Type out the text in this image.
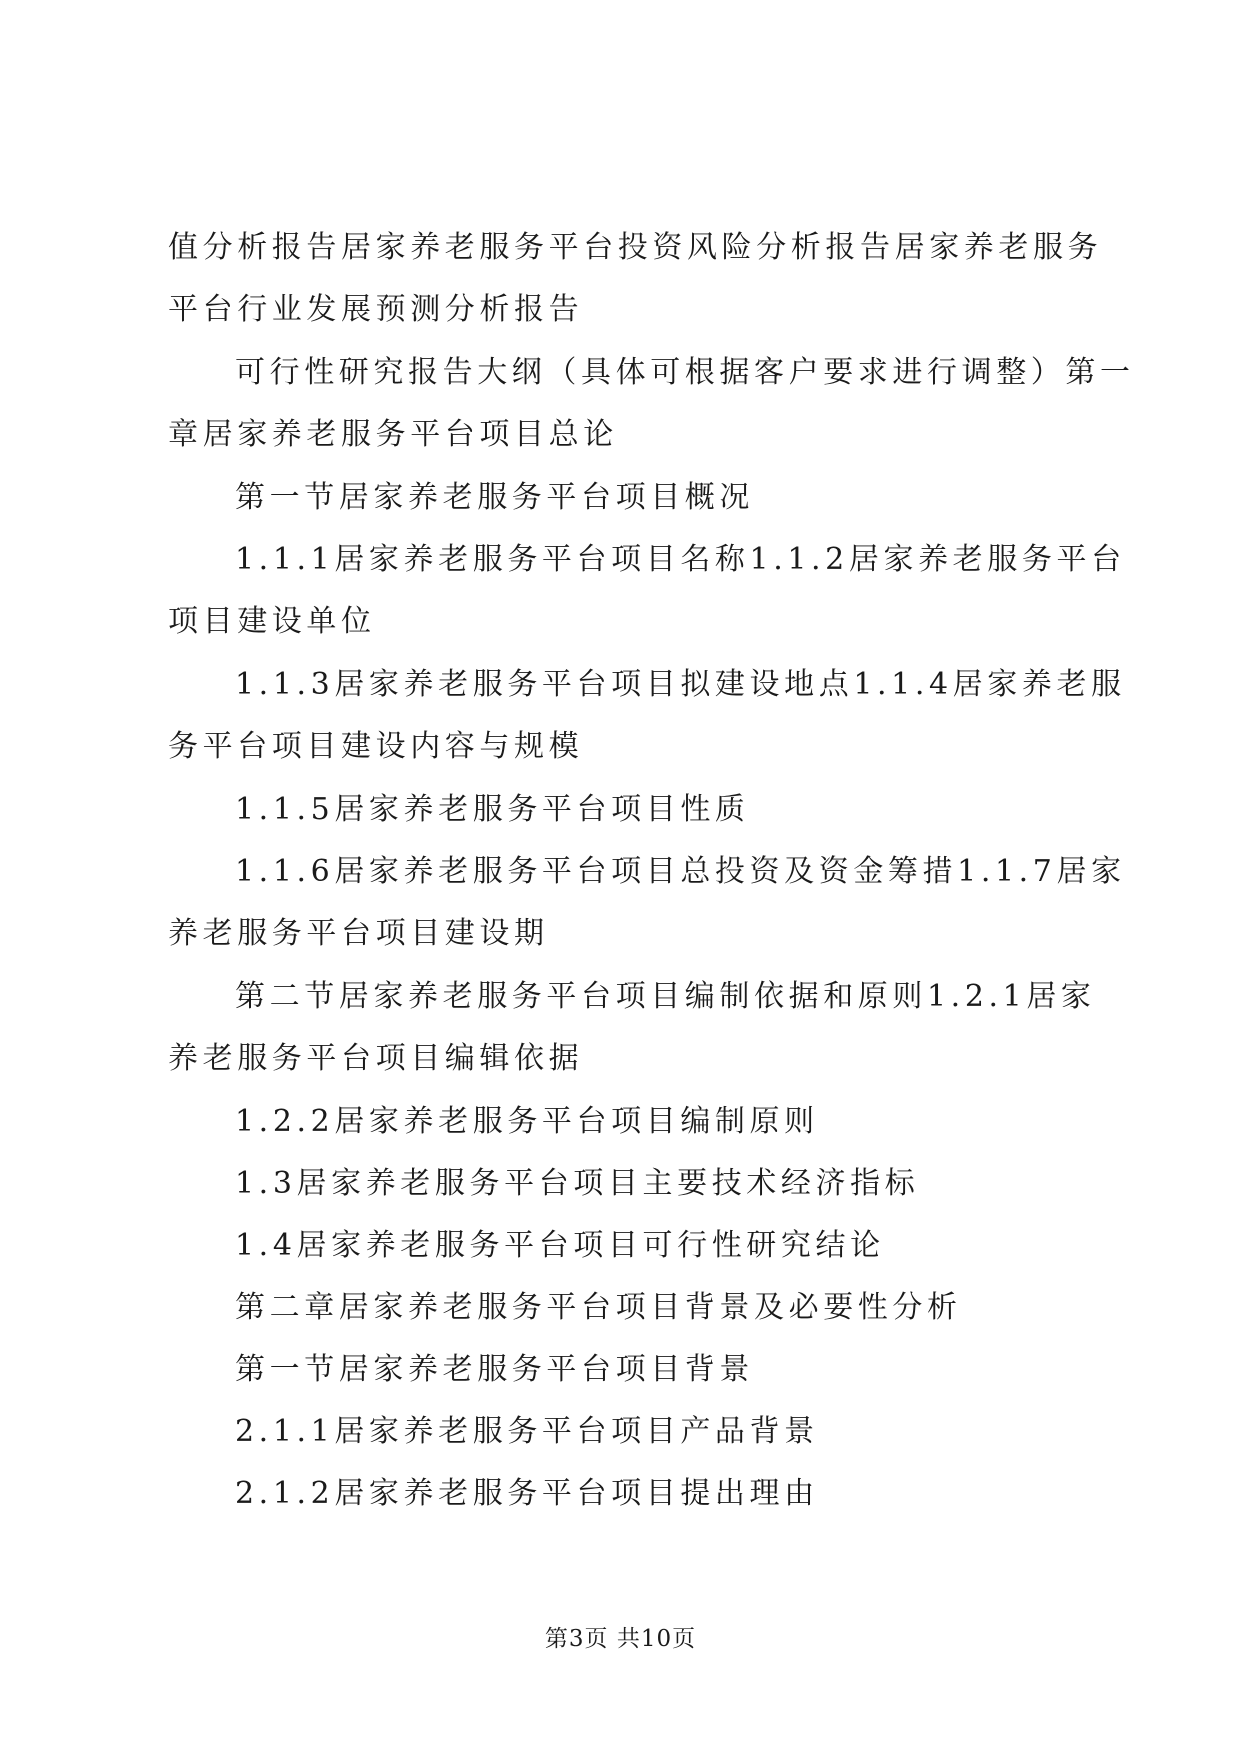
值分析报告居家养老服务平台投资风险分析报告居家养老服务
平台行业发展预测分析报告
可行性研究报告大纲（具体可根据客户要求进行调整）第一
章居家养老服务平台项目总论
第一节居家养老服务平台项目概况
1.1.1居家养老服务平台项目名称1.1.2居家养老服务平台
项目建设单位
1.1.3居家养老服务平台项目拟建设地点1.1.4居家养老服
务平台项目建设内容与规模
1.1.5居家养老服务平台项目性质
1.1.6居家养老服务平台项目总投资及资金筹措1.1.7居家
养老服务平台项目建设期
第二节居家养老服务平台项目编制依据和原则1.2.1居家
养老服务平台项目编辑依据
1.2.2居家养老服务平台项目编制原则
1.3居家养老服务平台项目主要技术经济指标
1.4居家养老服务平台项目可行性研究结论
第二章居家养老服务平台项目背景及必要性分析
第一节居家养老服务平台项目背景
2.1.1居家养老服务平台项目产品背景
2.1.2居家养老服务平台项目提出理由
第3页 共10页
